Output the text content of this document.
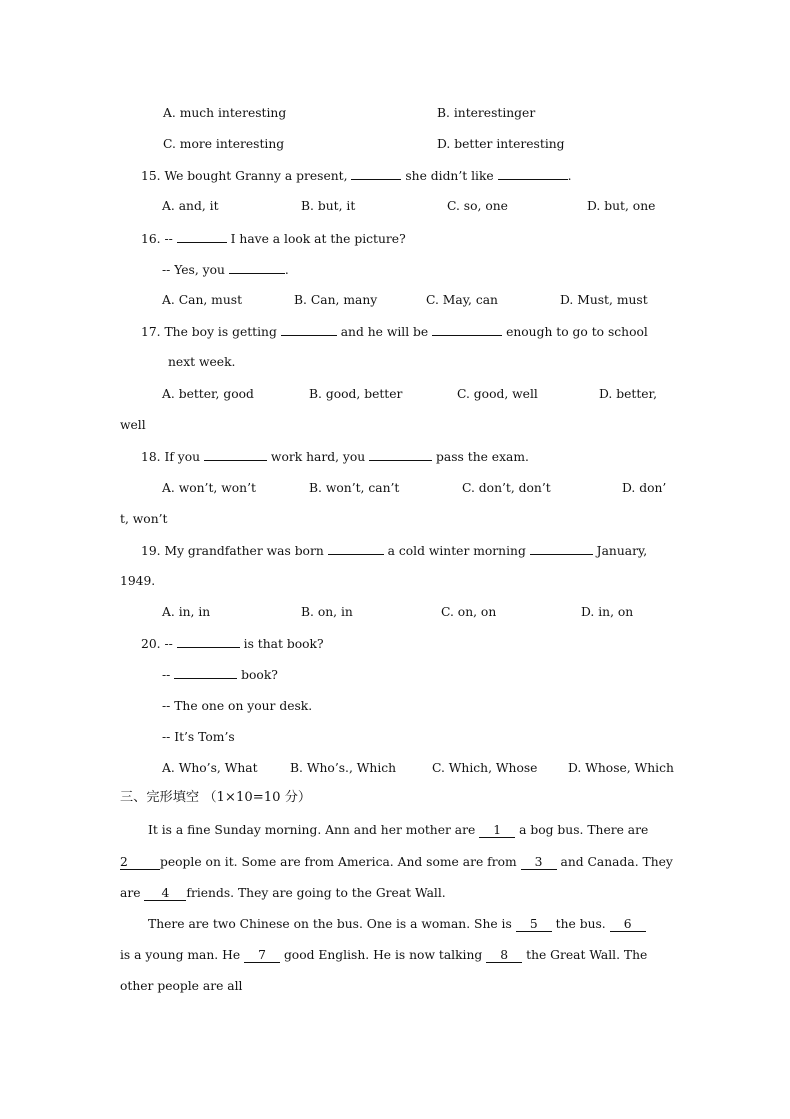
A. much interesting	B. interestinger
C. more interesting	D. better interesting
15. We bought Granny a present,	she didn’t like	.
A. and, it	B. but, it	C. so, one	D. but, one
16. --	I have a look at the picture?
-- Yes, you	.
A. Can, must	B. Can, many	C. May, can	D. Must, must
17. The boy is getting	and he will be	enough to go to school
next week.
A. better, good	B. good, better	C. good, well	D. better,
well
18. If you	work hard, you	pass the exam.
A. won’t, won’t	B. won’t, can’t	C. don’t, don’t	D. don’
t, won’t
19. My grandfather was born	a cold winter morning	January,
1949.
A. in, in	B. on, in	C. on, on	D. in, on
20. --	is that book?
--	book?
-- The one on your desk.
-- It’s Tom’s
A. Who’s, What	B. Who’s., Which	C. Which, Whose D. Whose, Which
三、完形填空 （1×10=10 分）
It is a fine Sunday morning. Ann and her mother are 1 a bog bus. There are
2	people on it. Some are from America. And some are from 3 and Canada. They
are 4 friends. They are going to the Great Wall.
There are two Chinese on the bus. One is a woman. She is 5 the bus. 6
is a young man. He 7 good English. He is now talking 8 the Great Wall. The
other people are all
